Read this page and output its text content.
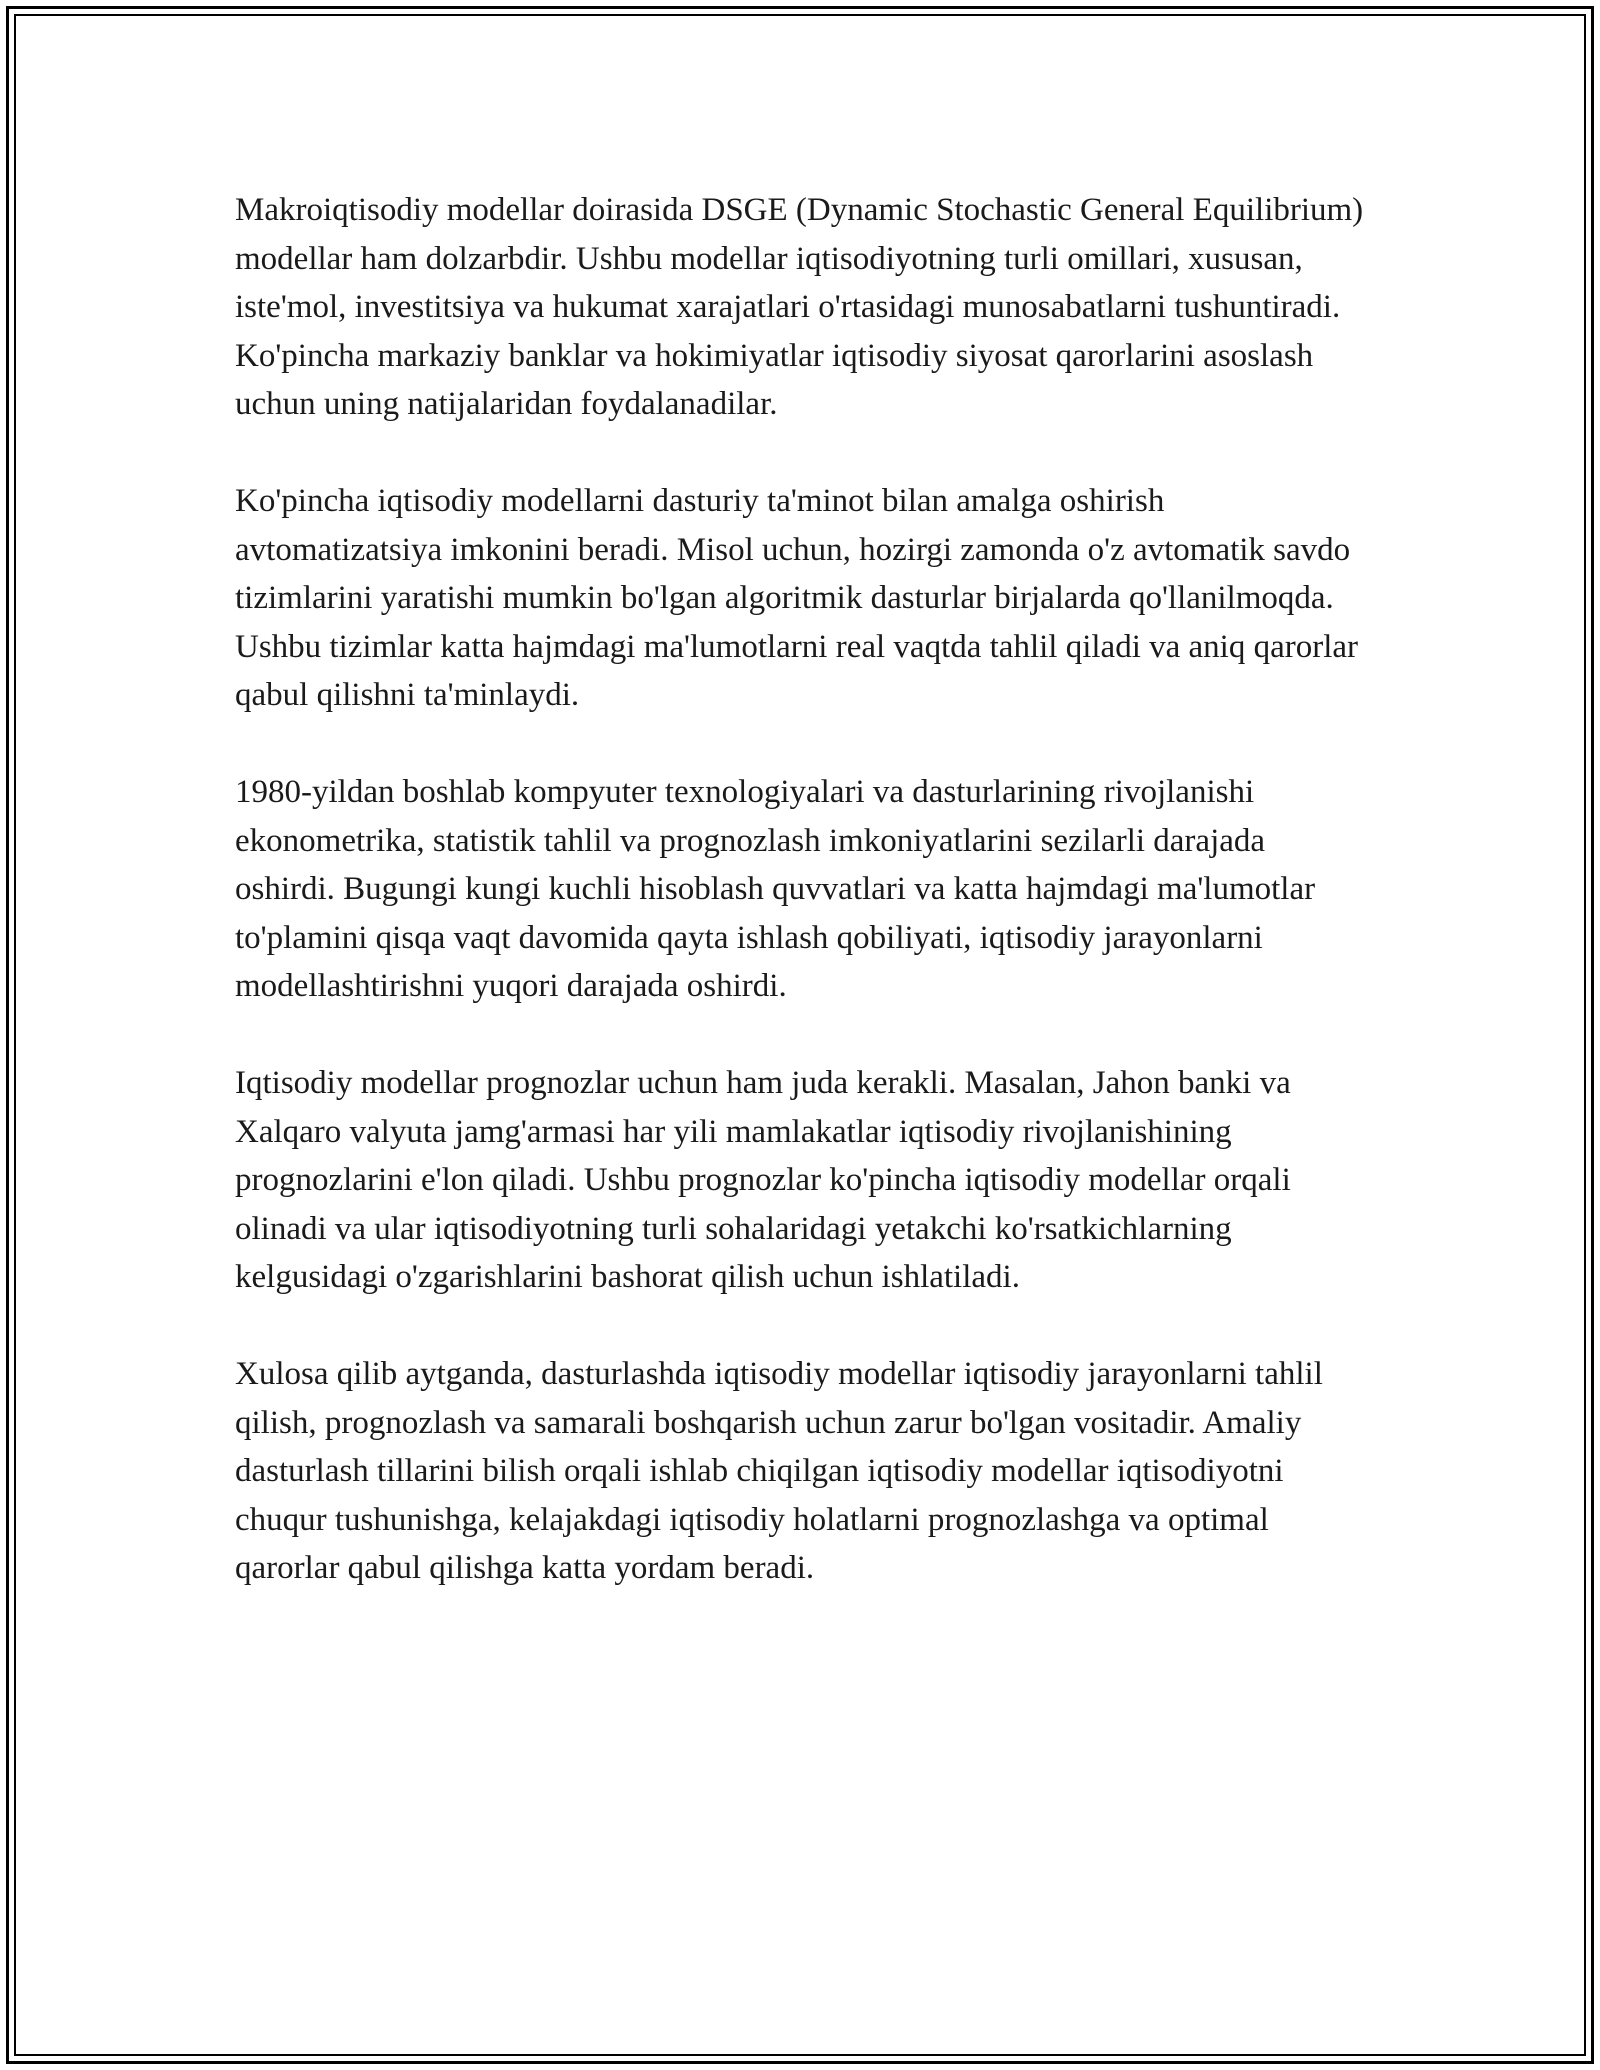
Makroiqtisodiy modellar doirasida DSGE (Dynamic Stochastic General Equilibrium) modellar ham dolzarbdir. Ushbu modellar iqtisodiyotning turli omillari, xususan, iste'mol, investitsiya va hukumat xarajatlari o'rtasidagi munosabatlarni tushuntiradi. Ko'pincha markaziy banklar va hokimiyatlar iqtisodiy siyosat qarorlarini asoslash uchun uning natijalaridan foydalanadilar.

Ko'pincha iqtisodiy modellarni dasturiy ta'minot bilan amalga oshirish avtomatizatsiya imkonini beradi. Misol uchun, hozirgi zamonda o'z avtomatik savdo tizimlarini yaratishi mumkin bo'lgan algoritmik dasturlar birjalarda qo'llanilmoqda. Ushbu tizimlar katta hajmdagi ma'lumotlarni real vaqtda tahlil qiladi va aniq qarorlar qabul qilishni ta'minlaydi.

1980-yildan boshlab kompyuter texnologiyalari va dasturlarining rivojlanishi ekonometrika, statistik tahlil va prognozlash imkoniyatlarini sezilarli darajada oshirdi. Bugungi kungi kuchli hisoblash quvvatlari va katta hajmdagi ma'lumotlar to'plamini qisqa vaqt davomida qayta ishlash qobiliyati, iqtisodiy jarayonlarni modellashtirishni yuqori darajada oshirdi.

Iqtisodiy modellar prognozlar uchun ham juda kerakli. Masalan, Jahon banki va Xalqaro valyuta jamg'armasi har yili mamlakatlar iqtisodiy rivojlanishining prognozlarini e'lon qiladi. Ushbu prognozlar ko'pincha iqtisodiy modellar orqali olinadi va ular iqtisodiyotning turli sohalaridagi yetakchi ko'rsatkichlarning kelgusidagi o'zgarishlarini bashorat qilish uchun ishlatiladi.

Xulosa qilib aytganda, dasturlashda iqtisodiy modellar iqtisodiy jarayonlarni tahlil qilish, prognozlash va samarali boshqarish uchun zarur bo'lgan vositadir. Amaliy dasturlash tillarini bilish orqali ishlab chiqilgan iqtisodiy modellar iqtisodiyotni chuqur tushunishga, kelajakdagi iqtisodiy holatlarni prognozlashga va optimal qarorlar qabul qilishga katta yordam beradi.
